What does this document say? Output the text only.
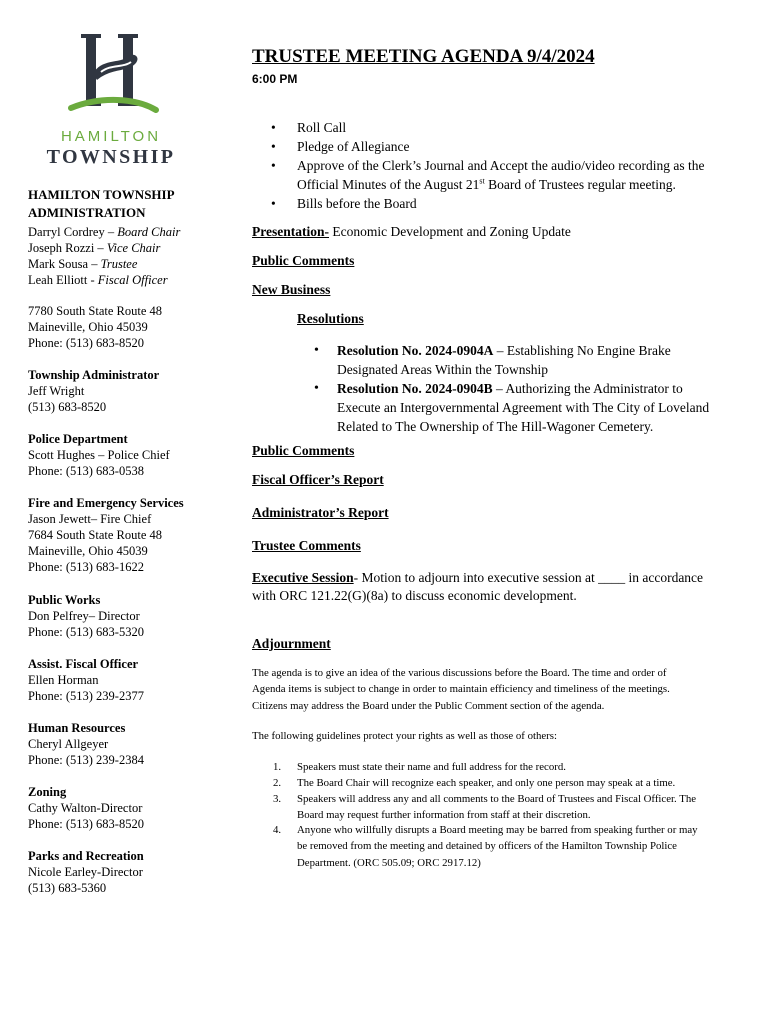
HAMILTON
TOWNSHIP
HAMILTON TOWNSHIP
ADMINISTRATION
Darryl Cordrey – Board Chair
Joseph Rozzi – Vice Chair
Mark Sousa – Trustee
Leah Elliott - Fiscal Officer
7780 South State Route 48
Maineville, Ohio 45039
Phone: (513) 683-8520
Township Administrator
Jeff Wright
(513) 683-8520
Police Department
Scott Hughes – Police Chief
Phone: (513) 683-0538
Fire and Emergency Services
Jason Jewett– Fire Chief
7684 South State Route 48
Maineville, Ohio 45039
Phone: (513) 683-1622
Public Works
Don Pelfrey– Director
Phone: (513) 683-5320
Assist. Fiscal Officer
Ellen Horman
Phone: (513) 239-2377
Human Resources
Cheryl Allgeyer
Phone: (513) 239-2384
Zoning
Cathy Walton-Director
Phone: (513) 683-8520
Parks and Recreation
Nicole Earley-Director
(513) 683-5360
TRUSTEE MEETING AGENDA 9/4/2024
6:00 PM
• Roll Call
• Pledge of Allegiance
• Approve of the Clerk’s Journal and Accept the audio/video recording as the
Official Minutes of the August 21st Board of Trustees regular meeting.
• Bills before the Board
Presentation- Economic Development and Zoning Update
Public Comments
New Business
Resolutions
• Resolution No. 2024-0904A – Establishing No Engine Brake
Designated Areas Within the Township
• Resolution No. 2024-0904B – Authorizing the Administrator to
Execute an Intergovernmental Agreement with The City of Loveland
Related to The Ownership of The Hill-Wagoner Cemetery.
Public Comments
Fiscal Officer’s Report
Administrator’s Report
Trustee Comments
Executive Session- Motion to adjourn into executive session at ____ in accordance
with ORC 121.22(G)(8a) to discuss economic development.
Adjournment
The agenda is to give an idea of the various discussions before the Board. The time and order of
Agenda items is subject to change in order to maintain efficiency and timeliness of the meetings.
Citizens may address the Board under the Public Comment section of the agenda.
The following guidelines protect your rights as well as those of others:
1. Speakers must state their name and full address for the record.
2. The Board Chair will recognize each speaker, and only one person may speak at a time.
3. Speakers will address any and all comments to the Board of Trustees and Fiscal Officer. The
Board may request further information from staff at their discretion.
4. Anyone who willfully disrupts a Board meeting may be barred from speaking further or may
be removed from the meeting and detained by officers of the Hamilton Township Police
Department. (ORC 505.09; ORC 2917.12)
